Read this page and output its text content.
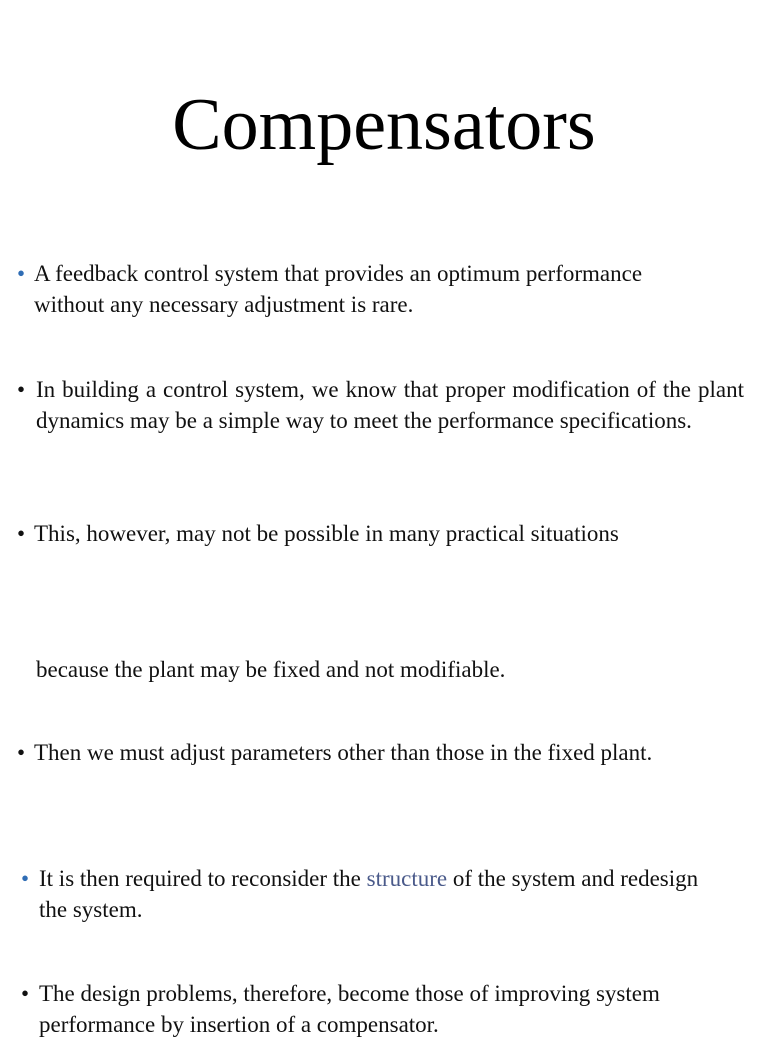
Compensators
• A feedback control system that provides an optimum performance without any necessary adjustment is rare.
• In building a control system, we know that proper modification of the plant dynamics may be a simple way to meet the performance specifications.
• This, however, may not be possible in many practical situations
because the plant may be fixed and not modifiable.
• Then we must adjust parameters other than those in the fixed plant.
• It is then required to reconsider the structure of the system and redesign the system.
• The design problems, therefore, become those of improving system performance by insertion of a compensator.
